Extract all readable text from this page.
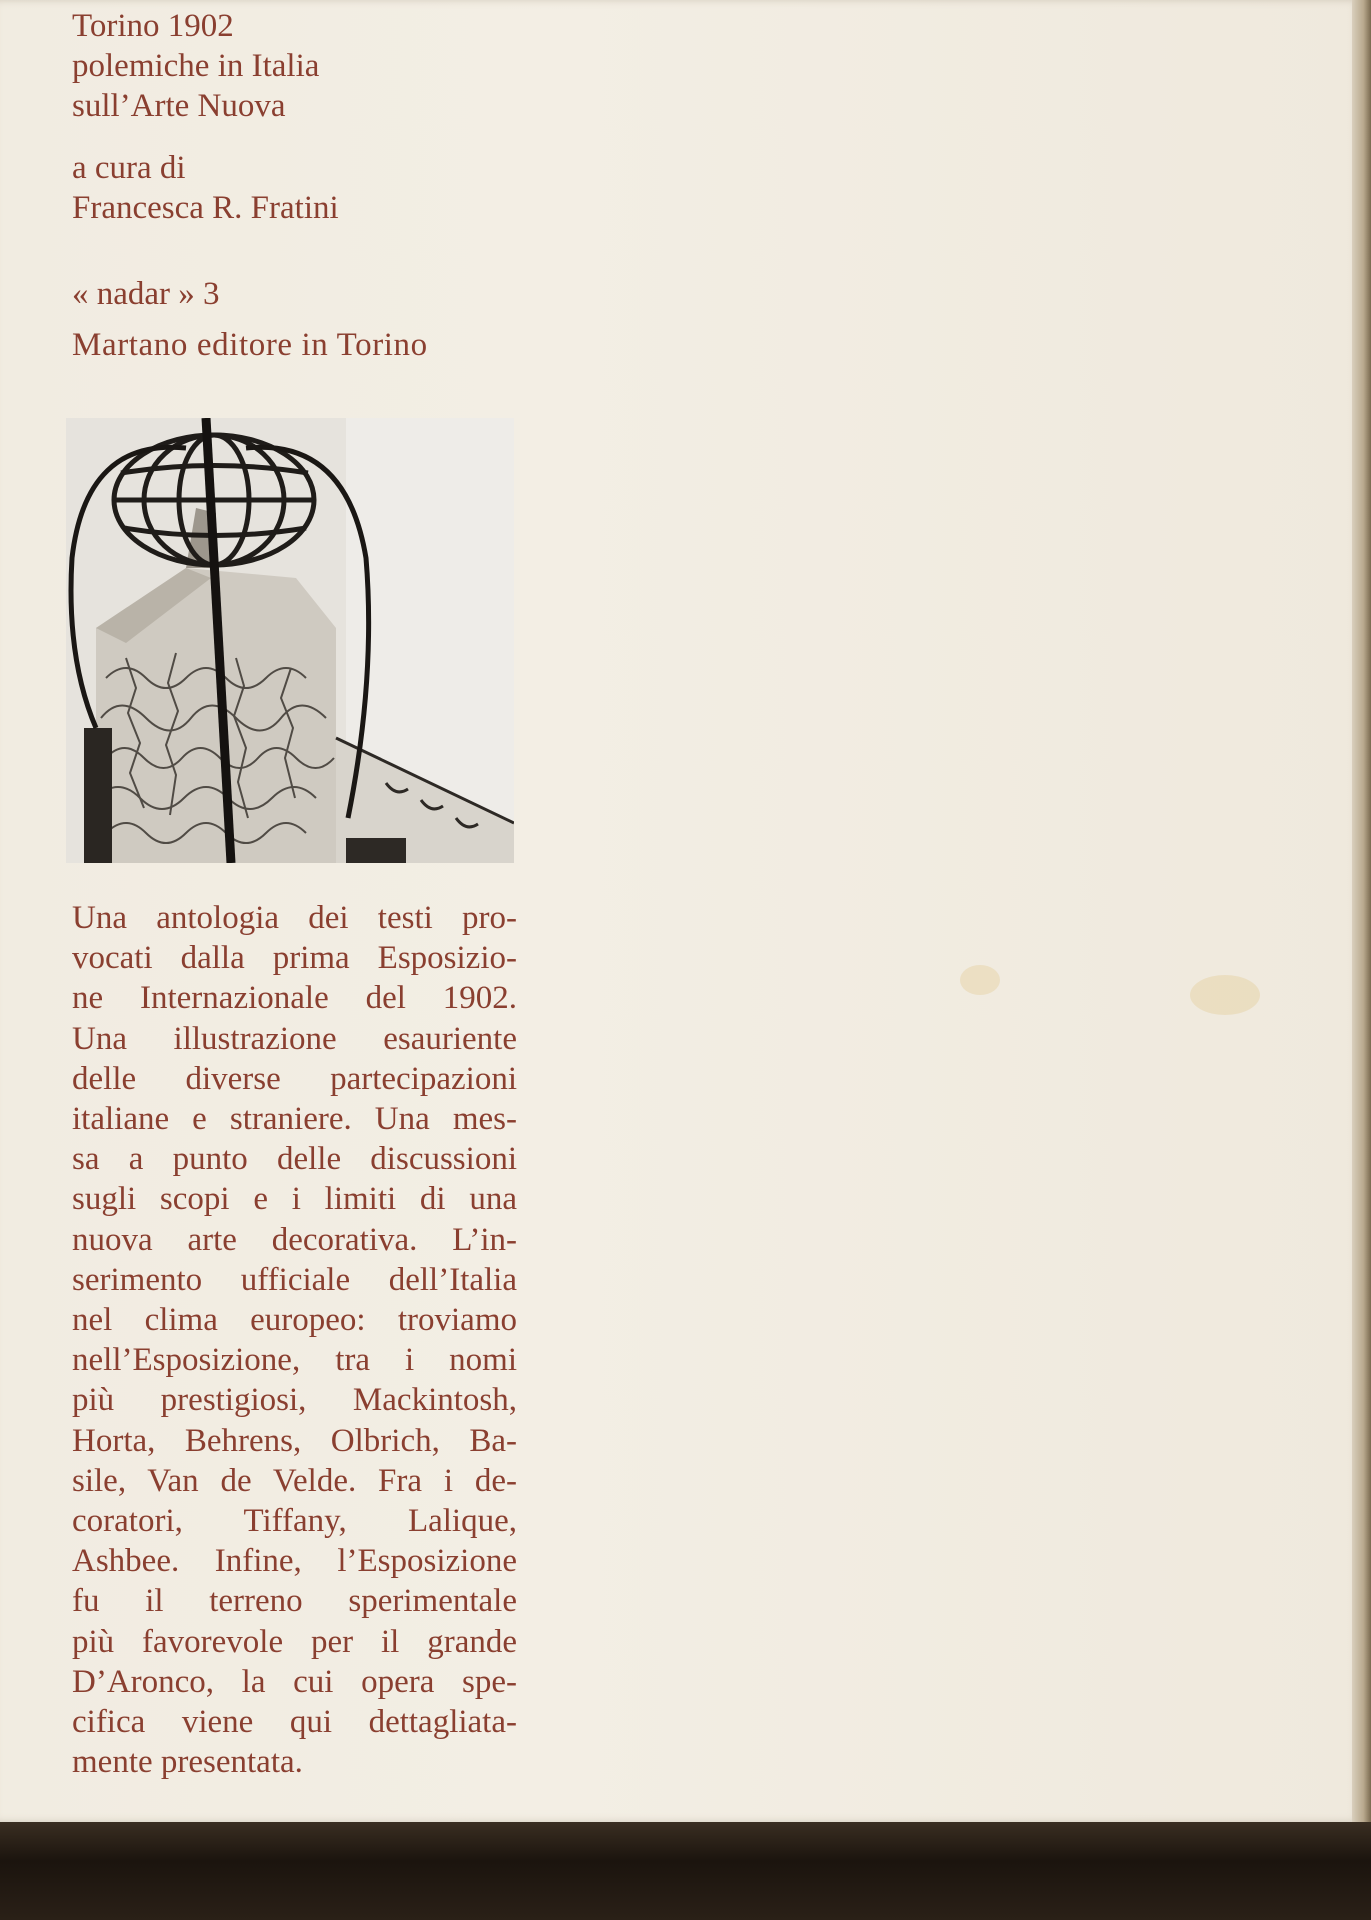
Torino 1902
polemiche in Italia
sull’Arte Nuova

a cura di
Francesca R. Fratini

« nadar » 3

Martano editore in Torino

Una antologia dei testi pro-
vocati dalla prima Esposizio-
ne Internazionale del 1902.
Una illustrazione esauriente
delle diverse partecipazioni
italiane e straniere. Una mes-
sa a punto delle discussioni
sugli scopi e i limiti di una
nuova arte decorativa. L’in-
serimento ufficiale dell’Italia
nel clima europeo: troviamo
nell’Esposizione, tra i nomi
più prestigiosi, Mackintosh,
Horta, Behrens, Olbrich, Ba-
sile, Van de Velde. Fra i de-
coratori, Tiffany, Lalique,
Ashbee. Infine, l’Esposizione
fu il terreno sperimentale
più favorevole per il grande
D’Aronco, la cui opera spe-
cifica viene qui dettagliata-
mente presentata.
